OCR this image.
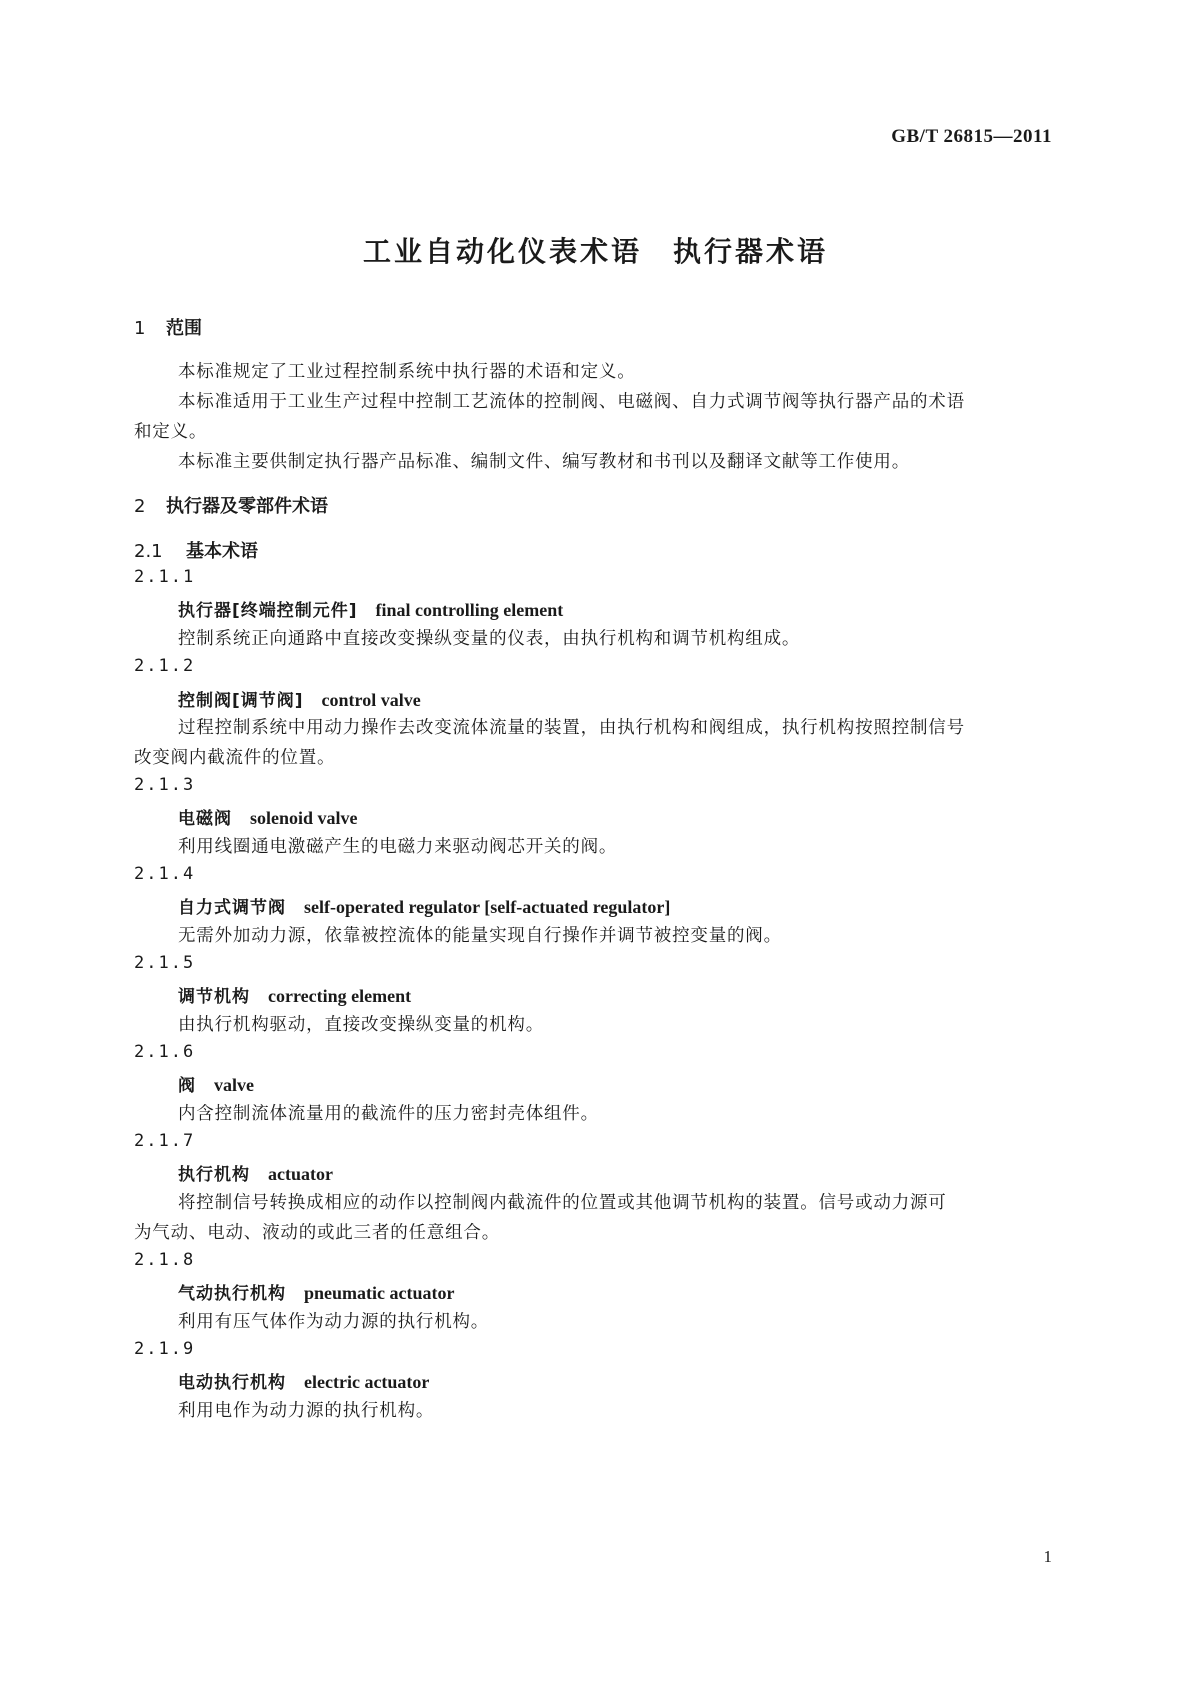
GB/T 26815—2011
工业自动化仪表术语　执行器术语
1 范围
本标准规定了工业过程控制系统中执行器的术语和定义。
本标准适用于工业生产过程中控制工艺流体的控制阀、电磁阀、自力式调节阀等执行器产品的术语
和定义。
本标准主要供制定执行器产品标准、编制文件、编写教材和书刊以及翻译文献等工作使用。
2 执行器及零部件术语
2.1 基本术语
2.1.1
执行器[终端控制元件] final controlling element
控制系统正向通路中直接改变操纵变量的仪表，由执行机构和调节机构组成。
2.1.2
控制阀[调节阀] control valve
过程控制系统中用动力操作去改变流体流量的装置，由执行机构和阀组成，执行机构按照控制信号
改变阀内截流件的位置。
2.1.3
电磁阀 solenoid valve
利用线圈通电激磁产生的电磁力来驱动阀芯开关的阀。
2.1.4
自力式调节阀 self-operated regulator [self-actuated regulator]
无需外加动力源，依靠被控流体的能量实现自行操作并调节被控变量的阀。
2.1.5
调节机构 correcting element
由执行机构驱动，直接改变操纵变量的机构。
2.1.6
阀 valve
内含控制流体流量用的截流件的压力密封壳体组件。
2.1.7
执行机构 actuator
将控制信号转换成相应的动作以控制阀内截流件的位置或其他调节机构的装置。信号或动力源可
为气动、电动、液动的或此三者的任意组合。
2.1.8
气动执行机构 pneumatic actuator
利用有压气体作为动力源的执行机构。
2.1.9
电动执行机构 electric actuator
利用电作为动力源的执行机构。
1
